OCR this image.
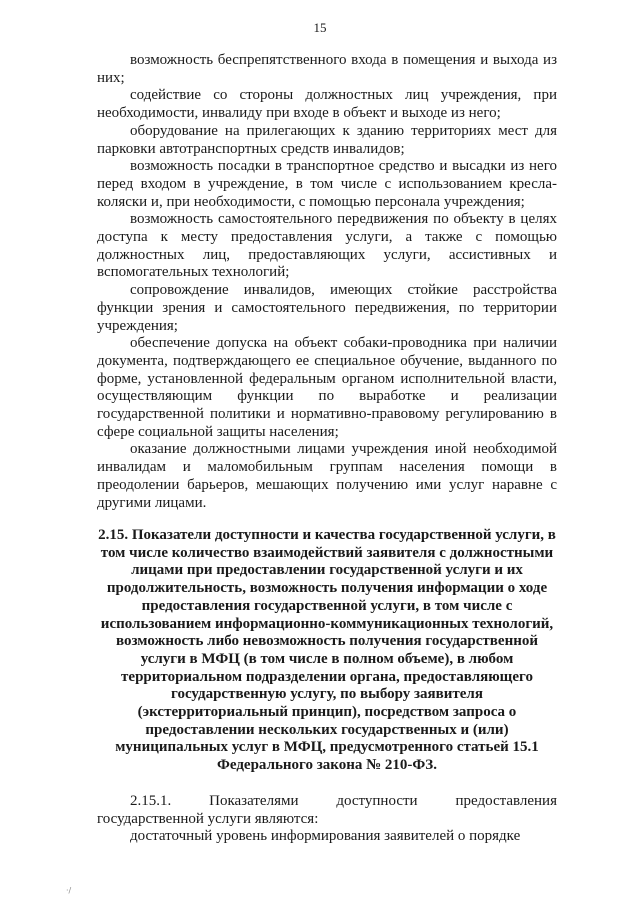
15

возможность беспрепятственного входа в помещения и выхода из них;

содействие со стороны должностных лиц учреждения, при необходимости, инвалиду при входе в объект и выходе из него;

оборудование на прилегающих к зданию территориях мест для парковки автотранспортных средств инвалидов;

возможность посадки в транспортное средство и высадки из него перед входом в учреждение, в том числе с использованием кресла-коляски и, при необходимости, с помощью персонала учреждения;

возможность самостоятельного передвижения по объекту в целях доступа к месту предоставления услуги, а также с помощью должностных лиц, предоставляющих услуги, ассистивных и вспомогательных технологий;

сопровождение инвалидов, имеющих стойкие расстройства функции зрения и самостоятельного передвижения, по территории учреждения;

обеспечение допуска на объект собаки-проводника при наличии документа, подтверждающего ее специальное обучение, выданного по форме, установленной федеральным органом исполнительной власти, осуществляющим функции по выработке и реализации государственной политики и нормативно-правовому регулированию в сфере социальной защиты населения;

оказание должностными лицами учреждения иной необходимой инвалидам и маломобильным группам населения помощи в преодолении барьеров, мешающих получению ими услуг наравне с другими лицами.

2.15. Показатели доступности и качества государственной услуги, в том числе количество взаимодействий заявителя с должностными лицами при предоставлении государственной услуги и их продолжительность, возможность получения информации о ходе предоставления государственной услуги, в том числе с использованием информационно-коммуникационных технологий, возможность либо невозможность получения государственной услуги в МФЦ (в том числе в полном объеме), в любом территориальном подразделении органа, предоставляющего государственную услугу, по выбору заявителя (экстерриториальный принцип), посредством запроса о предоставлении нескольких государственных и (или) муниципальных услуг в МФЦ, предусмотренного статьей 15.1 Федерального закона № 210-ФЗ.

2.15.1.	Показателями	доступности	предоставления
государственной услуги являются:

достаточный уровень информирования заявителей о порядке

·/
